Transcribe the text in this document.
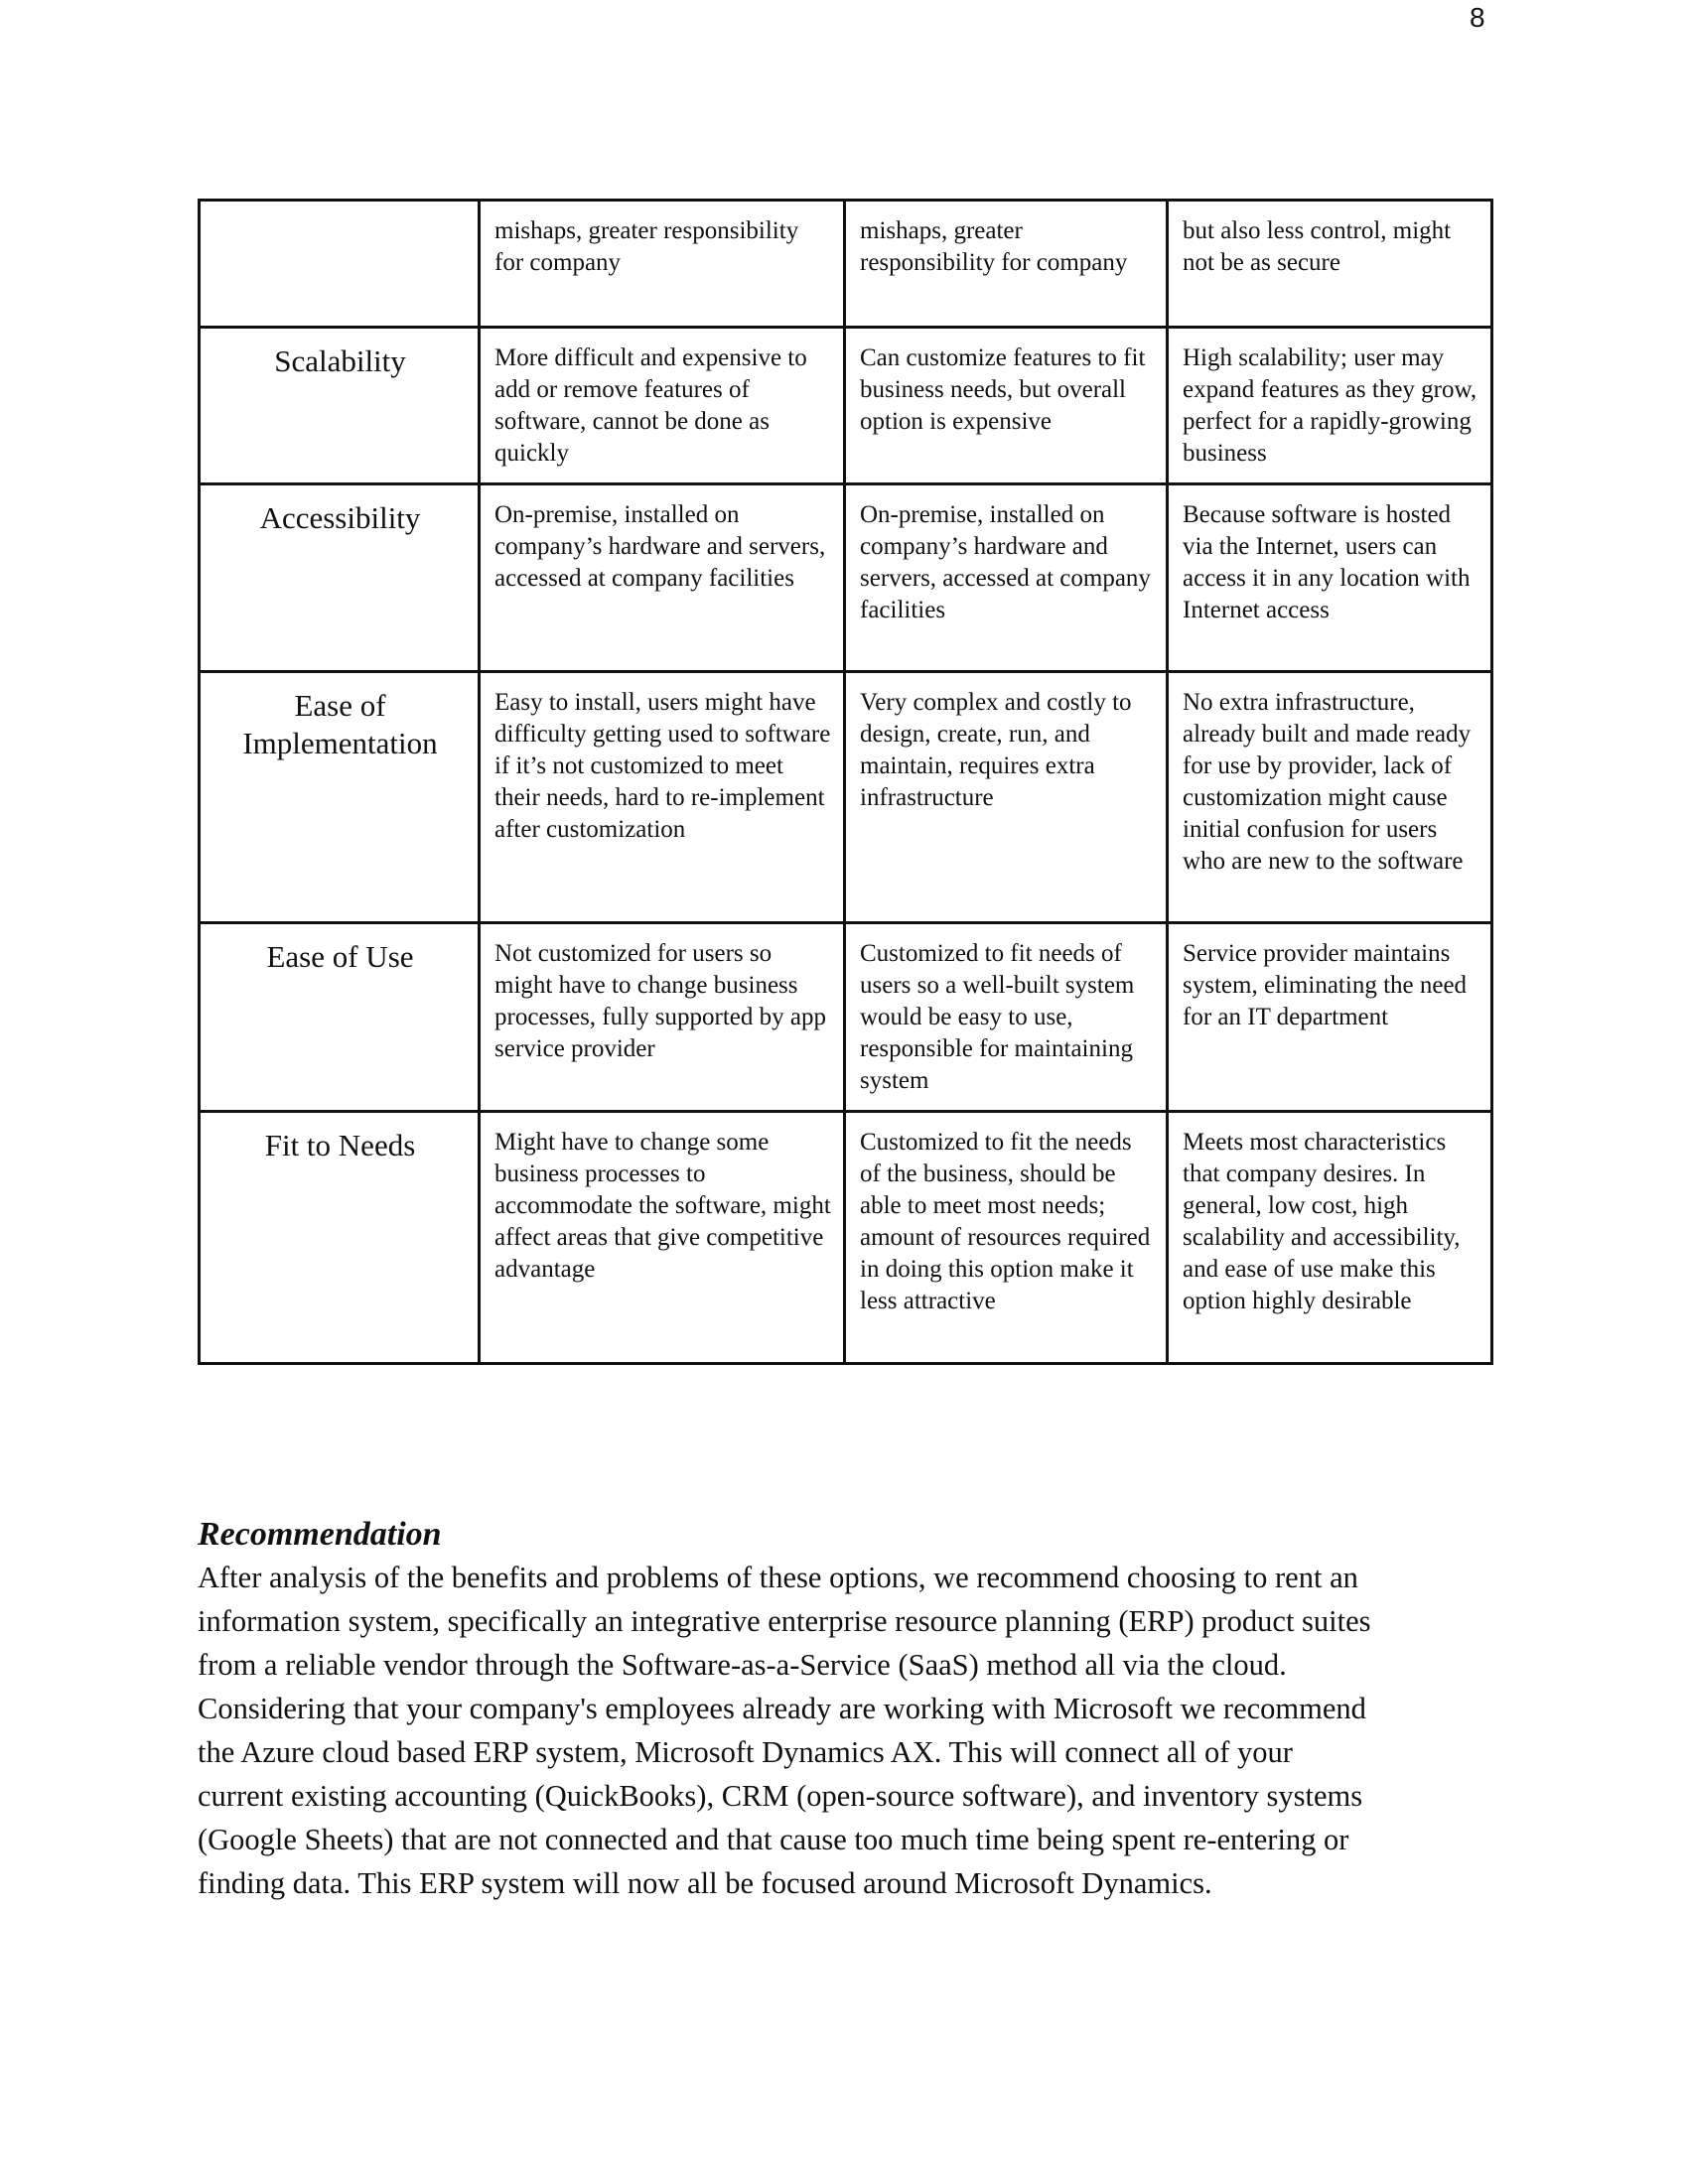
8
	mishaps, greater responsibility for company	mishaps, greater responsibility for company	but also less control, might not be as secure
Scalability	More difficult and expensive to add or remove features of software, cannot be done as quickly	Can customize features to fit business needs, but overall option is expensive	High scalability; user may expand features as they grow, perfect for a rapidly-growing business
Accessibility	On-premise, installed on company’s hardware and servers, accessed at company facilities	On-premise, installed on company’s hardware and servers, accessed at company facilities	Because software is hosted via the Internet, users can access it in any location with Internet access
Ease of Implementation	Easy to install, users might have difficulty getting used to software if it’s not customized to meet their needs, hard to re-implement after customization	Very complex and costly to design, create, run, and maintain, requires extra infrastructure	No extra infrastructure, already built and made ready for use by provider, lack of customization might cause initial confusion for users who are new to the software
Ease of Use	Not customized for users so might have to change business processes, fully supported by app service provider	Customized to fit needs of users so a well-built system would be easy to use, responsible for maintaining system	Service provider maintains system, eliminating the need for an IT department
Fit to Needs	Might have to change some business processes to accommodate the software, might affect areas that give competitive advantage	Customized to fit the needs of the business, should be able to meet most needs; amount of resources required in doing this option make it less attractive	Meets most characteristics that company desires. In general, low cost, high scalability and accessibility, and ease of use make this option highly desirable
Recommendation

After analysis of the benefits and problems of these options, we recommend choosing to rent an
information system, specifically an integrative enterprise resource planning (ERP) product suites
from a reliable vendor through the Software-as-a-Service (SaaS) method all via the cloud.
Considering that your company's employees already are working with Microsoft we recommend
the Azure cloud based ERP system, Microsoft Dynamics AX. This will connect all of your
current existing accounting (QuickBooks), CRM (open-source software), and inventory systems
(Google Sheets) that are not connected and that cause too much time being spent re-entering or
finding data. This ERP system will now all be focused around Microsoft Dynamics.
